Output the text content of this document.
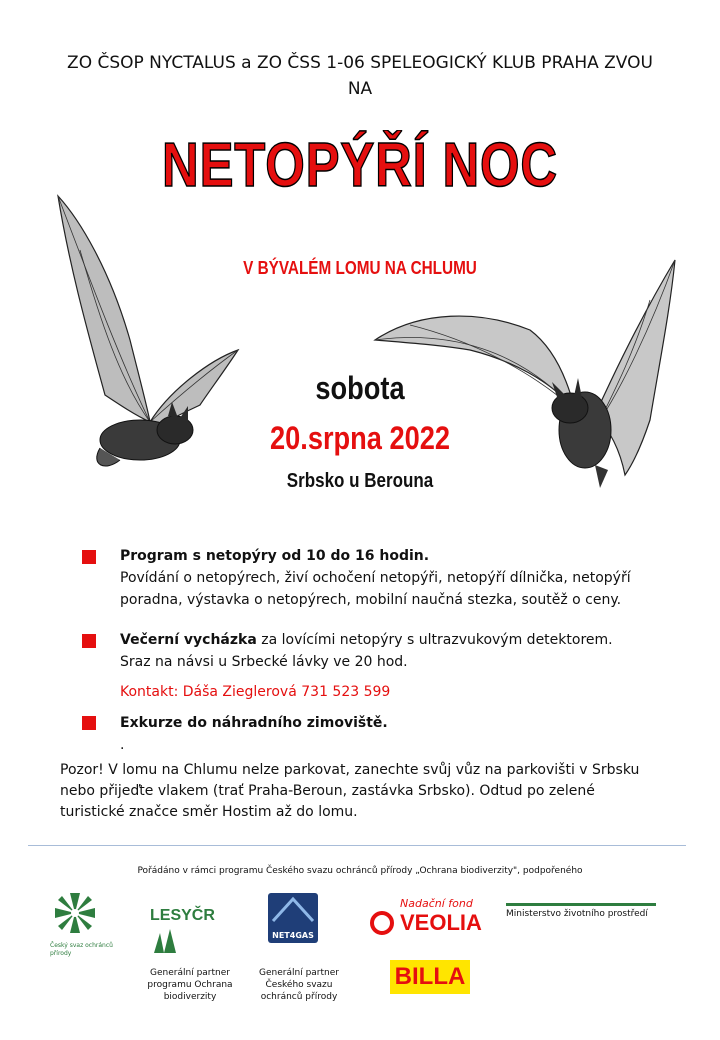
ZO ČSOP NYCTALUS a ZO ČSS 1-06 SPELEOGICKÝ KLUB PRAHA ZVOU
NA
NETOPÝŘÍ NOC
V BÝVALÉM LOMU NA CHLUMU
sobota
20.srpna 2022
Srbsko u Berouna
Program s netopýry od 10 do 16 hodin.
Povídání o netopýrech, živí ochočení netopýři, netopýří dílnička, netopýří poradna, výstavka o netopýrech, mobilní naučná stezka, soutěž o ceny.
Večerní vycházka za lovícími netopýry s ultrazvukovým detektorem. Sraz na návsi u Srbecké lávky ve 20 hod.
Kontakt: Dáša Zieglerová 731 523 599
Exkurze do náhradního zimoviště.
.
Pozor! V lomu na Chlumu nelze parkovat, zanechte svůj vůz na parkovišti v Srbsku nebo přijeďte vlakem (trať Praha-Beroun, zastávka Srbsko). Odtud po zelené turistické značce směr Hostim až do lomu.
Pořádáno v rámci programu Českého svazu ochránců přírody „Ochrana biodiverzity", podpořeného
Český svaz ochránců přírody
LESYČR
NET4GAS
Nadační fond
VEOLIA	Ministerstvo životního prostředí
Generální partner programu Ochrana biodiverzity
Generální partner Českého svazu ochránců přírody
BILLA
